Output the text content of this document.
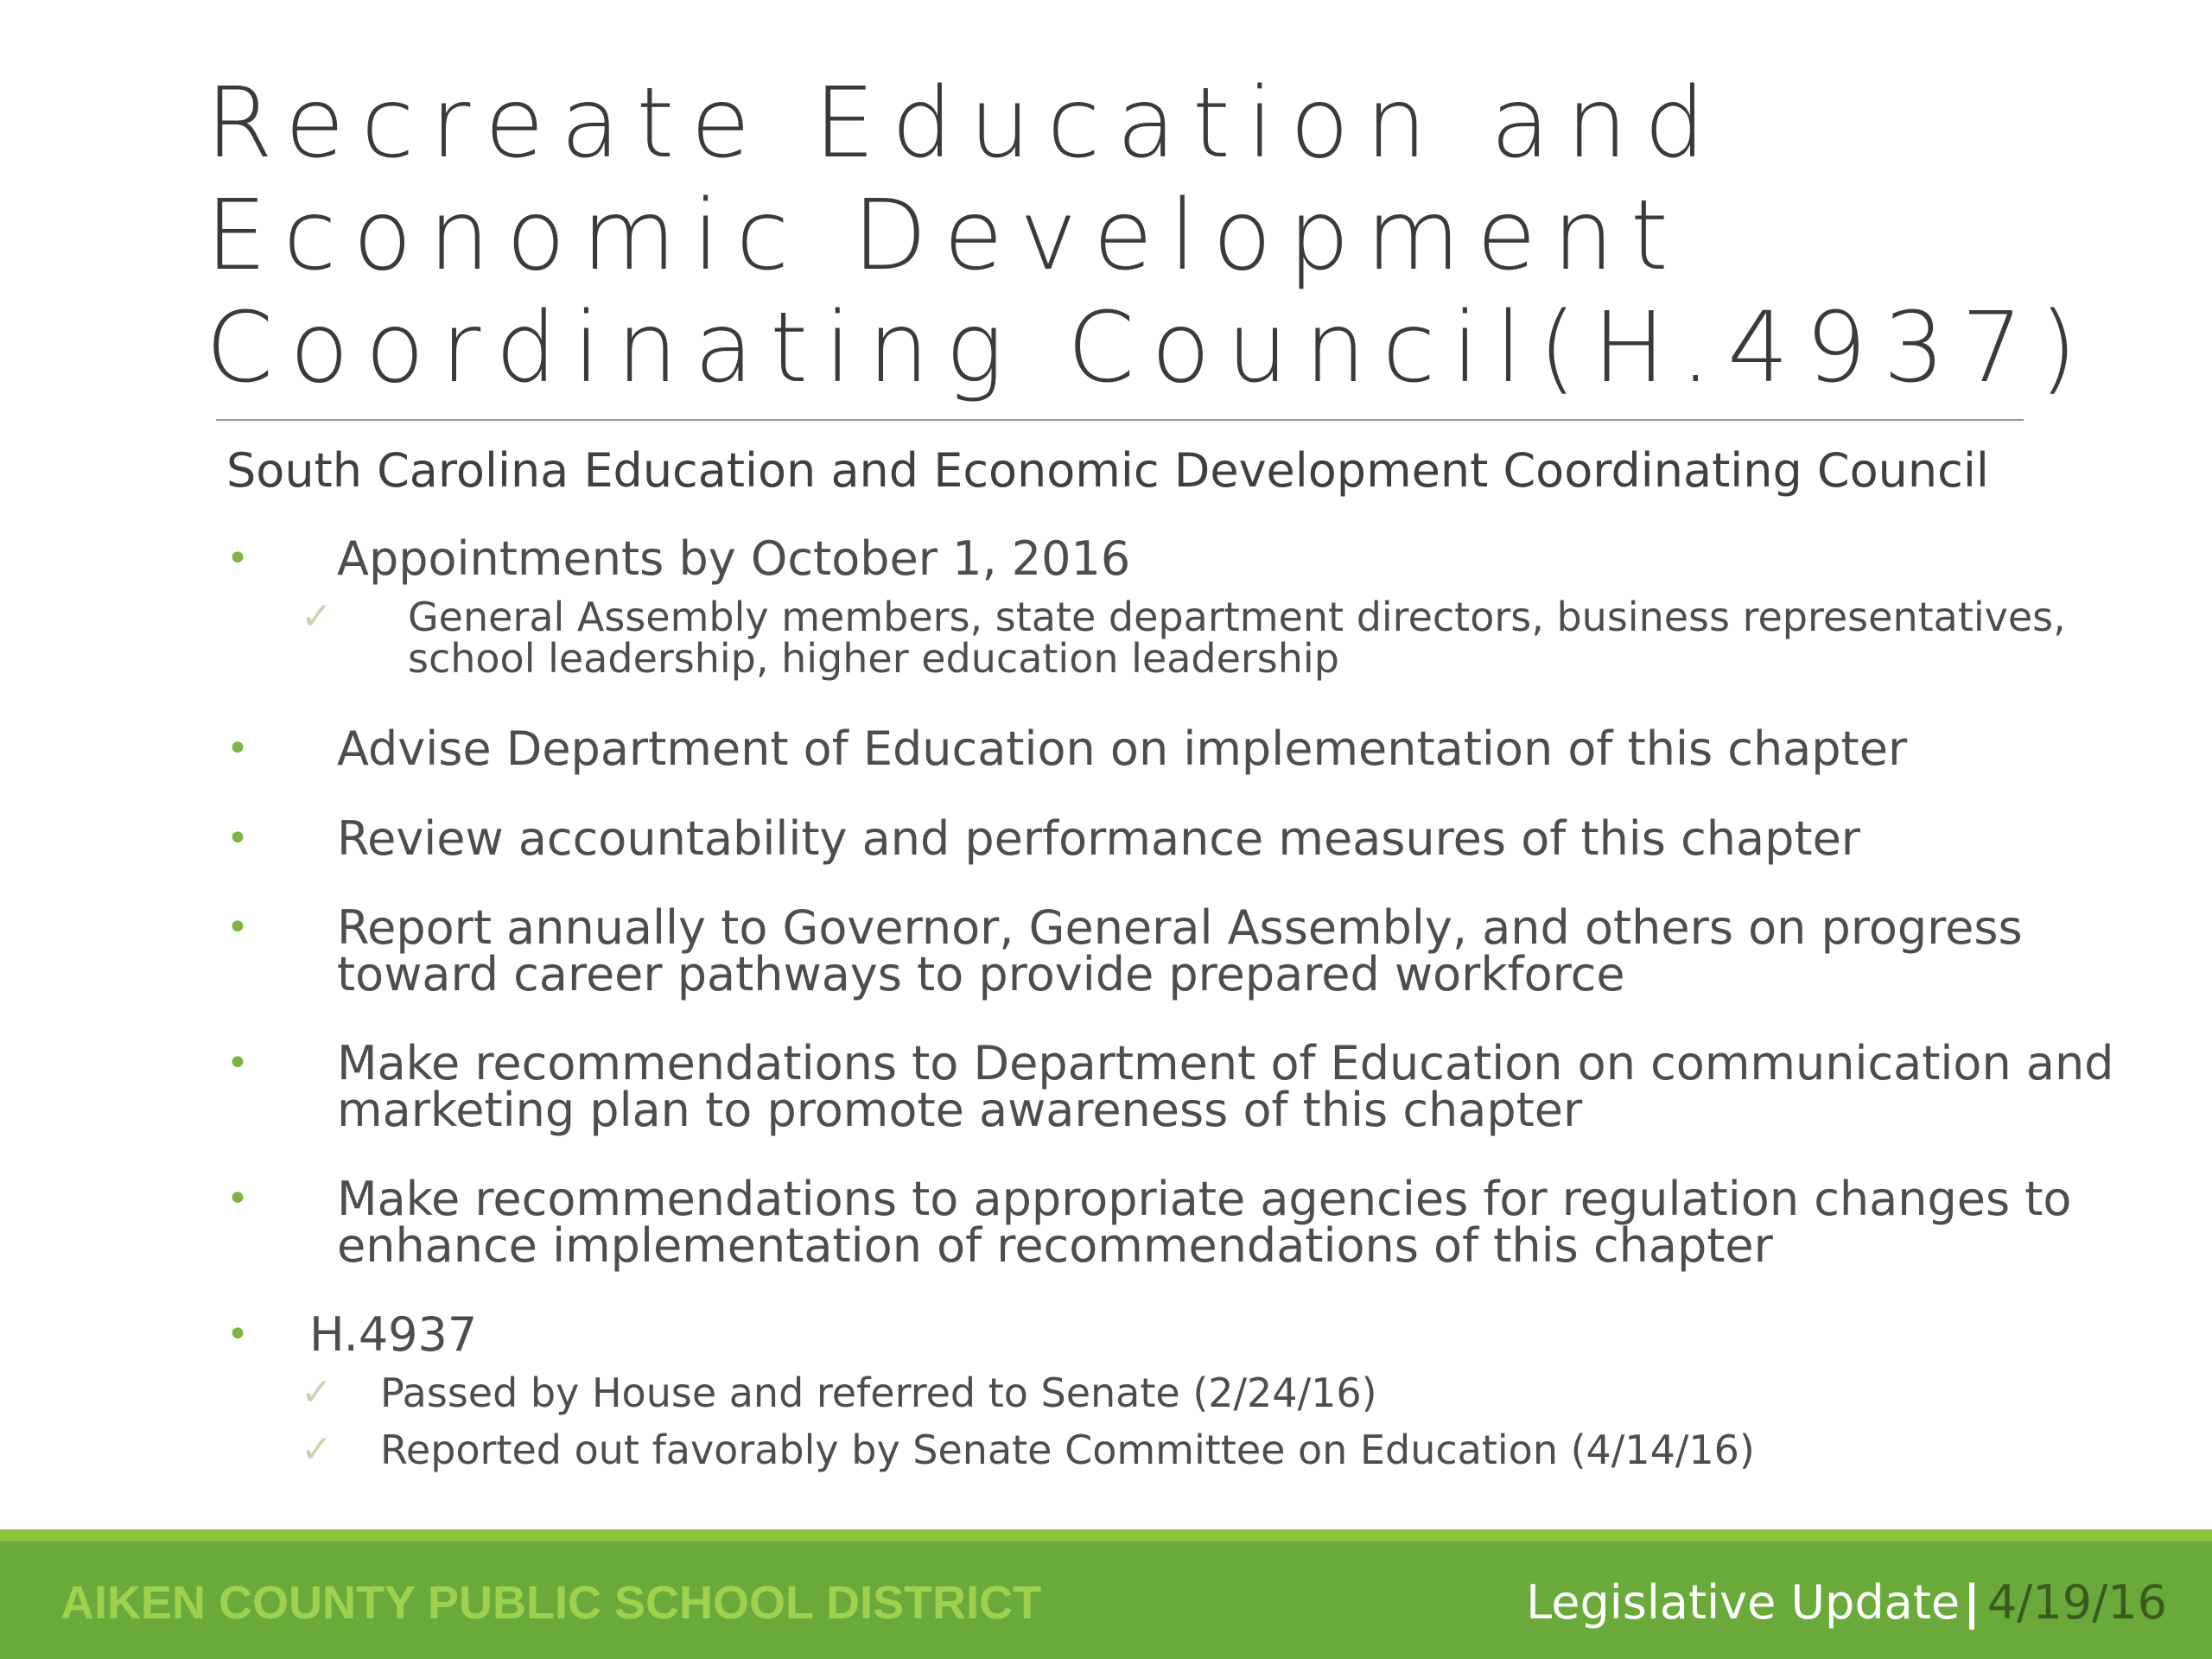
Recreate Education and
Economic Development
Coordinating Council(H.4937)
South Carolina Education and Economic Development Coordinating Council
•	Appointments by October 1, 2016
✓ General Assembly members, state department directors, business representatives, school leadership, higher education leadership
•	Advise Department of Education on implementation of this chapter
•	Review accountability and performance measures of this chapter
•	Report annually to Governor, General Assembly, and others on progress toward career pathways to provide prepared workforce
•	Make recommendations to Department of Education on communication and marketing plan to promote awareness of this chapter
•	Make recommendations to appropriate agencies for regulation changes to enhance implementation of recommendations of this chapter
•	H.4937
✓ Passed by House and referred to Senate (2/24/16)
✓ Reported out favorably by Senate Committee on Education (4/14/16)
AIKEN COUNTY PUBLIC SCHOOL DISTRICT	Legislative Update| 4/19/16
